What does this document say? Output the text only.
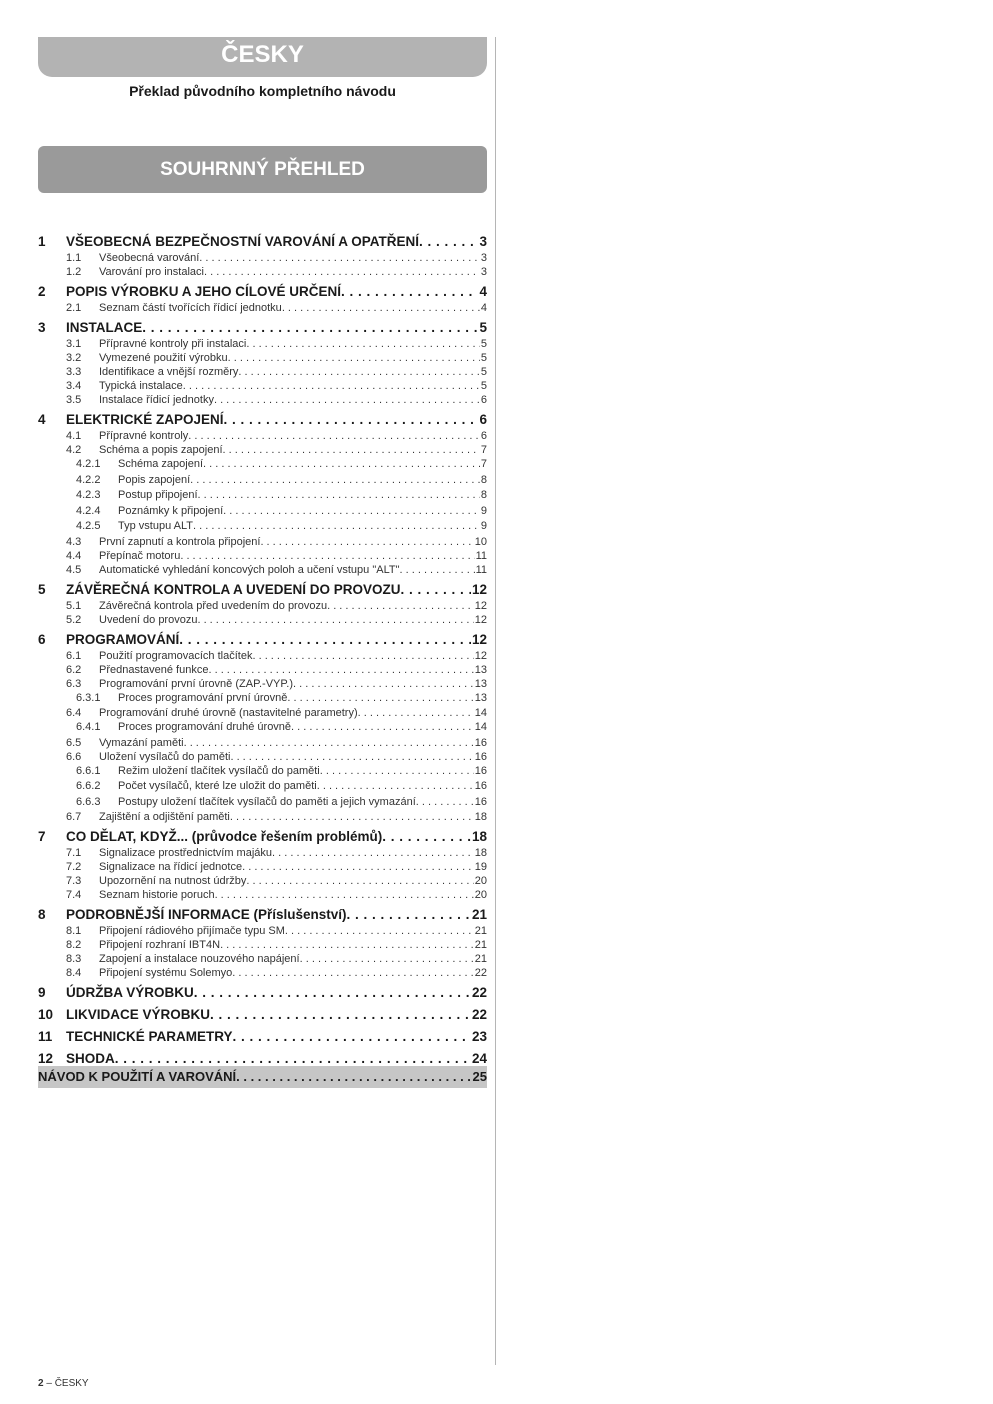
ČESKY
Překlad původního kompletního návodu
SOUHRNNÝ PŘEHLED
1	VŠEOBECNÁ BEZPEČNOSTNÍ VAROVÁNÍ A OPATŘENÍ . . .	3
1.1	Všeobecná varování . . .	3
1.2	Varování pro instalaci . . .	3
2	POPIS VÝROBKU A JEHO CÍLOVÉ URČENÍ . . .	4
2.1	Seznam částí tvořících řídicí jednotku . . .	4
3	INSTALACE . . .	5
3.1	Přípravné kontroly při instalaci . . .	5
3.2	Vymezené použití výrobku . . .	5
3.3	Identifikace a vnější rozměry . . .	5
3.4	Typická instalace . . .	5
3.5	Instalace řídicí jednotky . . .	6
4	ELEKTRICKÉ ZAPOJENÍ . . .	6
4.1	Přípravné kontroly . . .	6
4.2	Schéma a popis zapojení . . .	7
4.2.1	Schéma zapojení . . .	7
4.2.2	Popis zapojení . . .	8
4.2.3	Postup připojení . . .	8
4.2.4	Poznámky k připojení . . .	9
4.2.5	Typ vstupu ALT . . .	9
4.3	První zapnutí a kontrola připojení . . .	10
4.4	Přepínač motoru . . .	11
4.5	Automatické vyhledání koncových poloh a učení vstupu "ALT" . . .	11
5	ZÁVĚREČNÁ KONTROLA A UVEDENÍ DO PROVOZU . . .	12
5.1	Závěrečná kontrola před uvedením do provozu . . .	12
5.2	Uvedení do provozu . . .	12
6	PROGRAMOVÁNÍ . . .	12
6.1	Použití programovacích tlačítek . . .	12
6.2	Přednastavené funkce . . .	13
6.3	Programování první úrovně (ZAP.-VYP.) . . .	13
6.3.1	Proces programování první úrovně . . .	13
6.4	Programování druhé úrovně (nastavitelné parametry) . . .	14
6.4.1	Proces programování druhé úrovně . . .	14
6.5	Vymazání paměti . . .	16
6.6	Uložení vysílačů do paměti . . .	16
6.6.1	Režim uložení tlačítek vysílačů do paměti . . .	16
6.6.2	Počet vysílačů, které lze uložit do paměti . . .	16
6.6.3	Postupy uložení tlačítek vysílačů do paměti a jejich vymazání . . .	16
6.7	Zajištění a odjištění paměti . . .	18
7	CO DĚLAT, KDYŽ... (průvodce řešením problémů) . . .	18
7.1	Signalizace prostřednictvím majáku . . .	18
7.2	Signalizace na řídicí jednotce . . .	19
7.3	Upozornění na nutnost údržby . . .	20
7.4	Seznam historie poruch . . .	20
8	PODROBNĚJŠÍ INFORMACE (Příslušenství) . . .	21
8.1	Připojení rádiového přijímače typu SM . . .	21
8.2	Připojení rozhraní IBT4N . . .	21
8.3	Zapojení a instalace nouzového napájení . . .	21
8.4	Připojení systému Solemyo . . .	22
9	ÚDRŽBA VÝROBKU . . .	22
10 LIKVIDACE VÝROBKU . . .	22
11	TECHNICKÉ PARAMETRY . . .	23
12 SHODA . . .	24
NÁVOD K POUŽITÍ A VAROVÁNÍ . . .	25
2 – ČESKY
